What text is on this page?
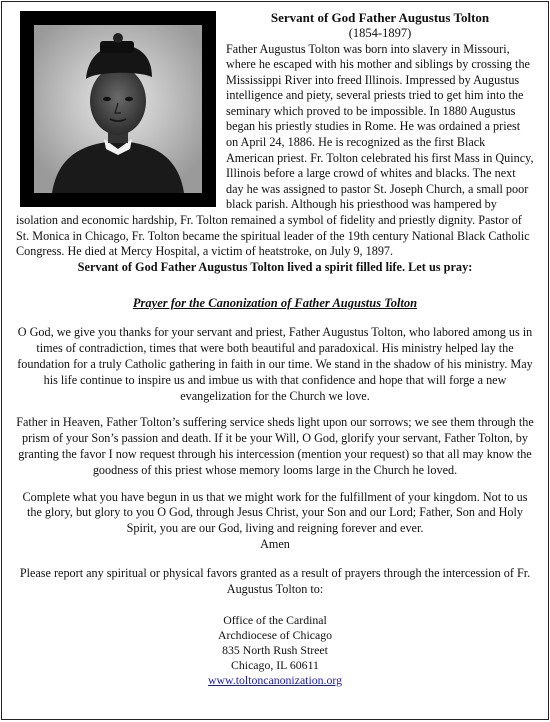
Servant of God Father Augustus Tolton

(1854-1897)

Father Augustus Tolton was born into slavery in Missouri, where he escaped with his mother and siblings by crossing the Mississippi River into freed Illinois. Impressed by Augustus intelligence and piety, several priests tried to get him into the seminary which proved to be impossible. In 1880 Augustus began his priestly studies in Rome. He was ordained a priest on April 24, 1886. He is recognized as the first Black American priest. Fr. Tolton celebrated his first Mass in Quincy, Illinois before a large crowd of whites and blacks. The next day he was assigned to pastor St. Joseph Church, a small poor black parish. Although his priesthood was hampered by isolation and economic hardship, Fr. Tolton remained a symbol of fidelity and priestly dignity. Pastor of St. Monica in Chicago, Fr. Tolton became the spiritual leader of the 19th century National Black Catholic Congress. He died at Mercy Hospital, a victim of heatstroke, on July 9, 1897.

Servant of God Father Augustus Tolton lived a spirit filled life. Let us pray:

Prayer for the Canonization of Father Augustus Tolton

O God, we give you thanks for your servant and priest, Father Augustus Tolton, who labored among us in times of contradiction, times that were both beautiful and paradoxical. His ministry helped lay the foundation for a truly Catholic gathering in faith in our time. We stand in the shadow of his ministry. May his life continue to inspire us and imbue us with that confidence and hope that will forge a new evangelization for the Church we love.

Father in Heaven, Father Tolton’s suffering service sheds light upon our sorrows; we see them through the prism of your Son’s passion and death. If it be your Will, O God, glorify your servant, Father Tolton, by granting the favor I now request through his intercession (mention your request) so that all may know the goodness of this priest whose memory looms large in the Church he loved.

Complete what you have begun in us that we might work for the fulfillment of your kingdom. Not to us the glory, but glory to you O God, through Jesus Christ, your Son and our Lord; Father, Son and Holy Spirit, you are our God, living and reigning forever and ever.

Amen

Please report any spiritual or physical favors granted as a result of prayers through the intercession of Fr. Augustus Tolton to:

Office of the Cardinal
Archdiocese of Chicago
835 North Rush Street
Chicago, IL 60611
www.toltoncanonization.org
